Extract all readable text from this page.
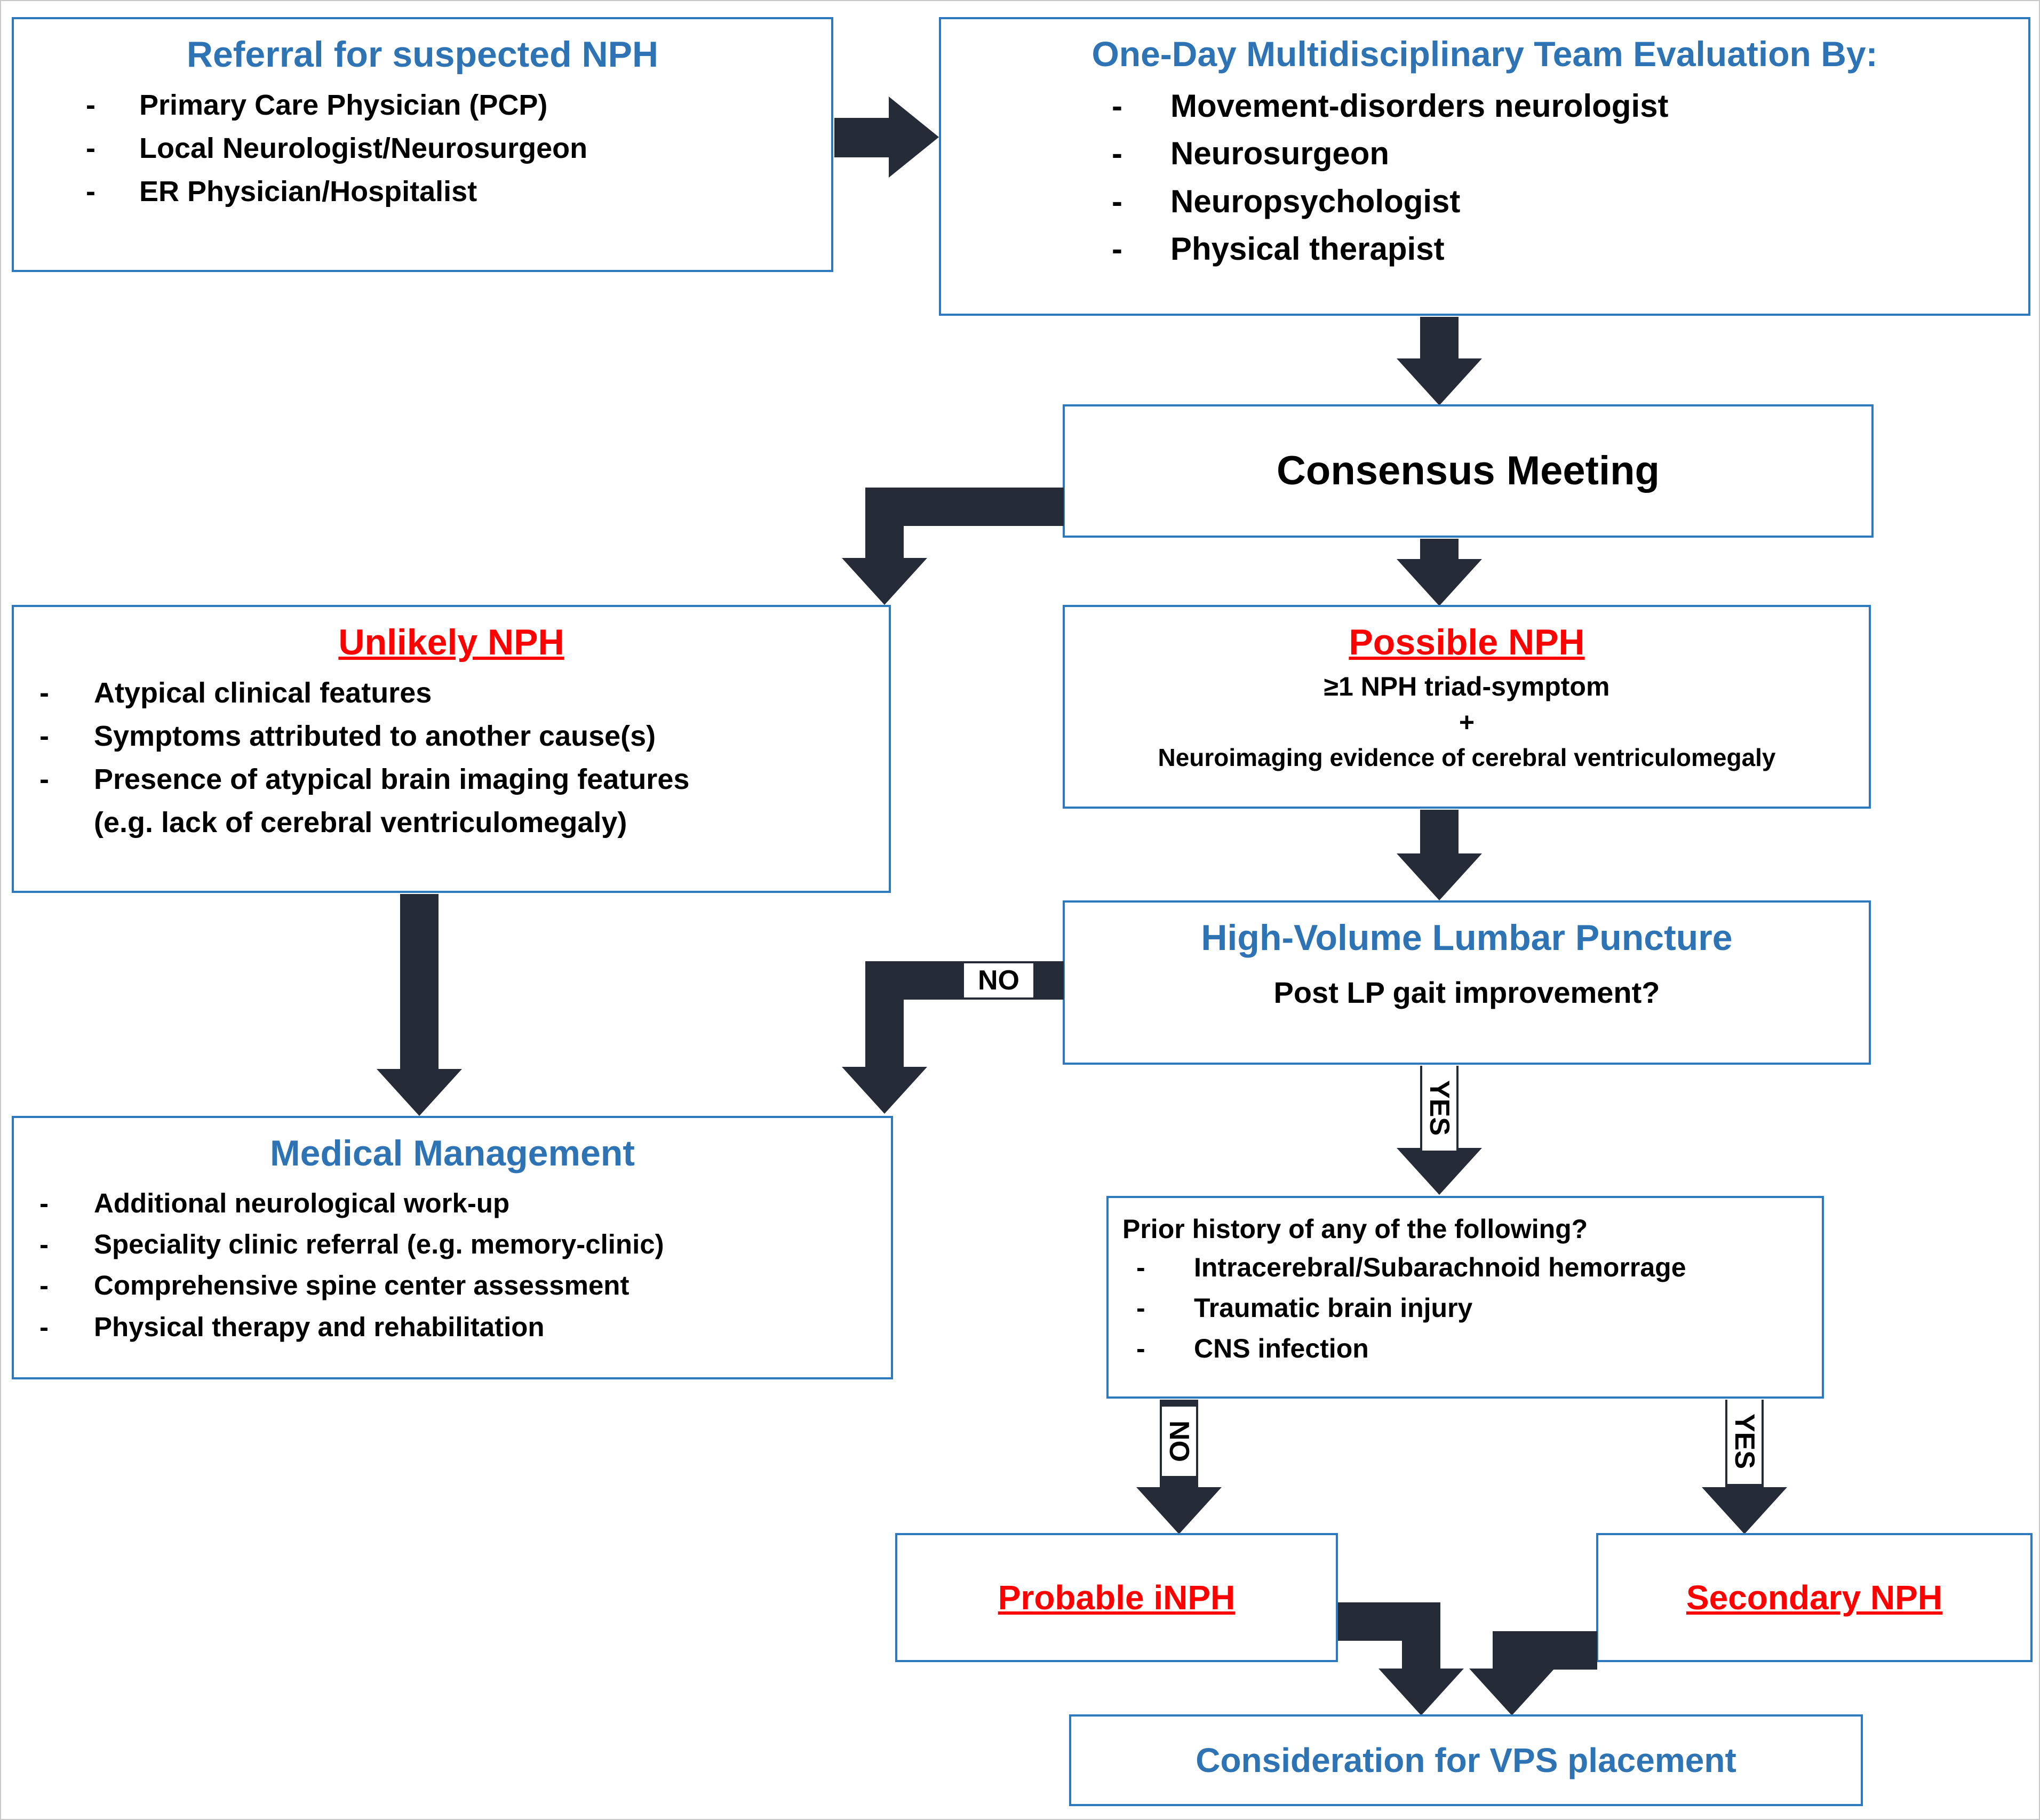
Referral for suspected NPH
- Primary Care Physician (PCP)
- Local Neurologist/Neurosurgeon
- ER Physician/Hospitalist
One-Day Multidisciplinary Team Evaluation By:
- Movement-disorders neurologist
- Neurosurgeon
- Neuropsychologist
- Physical therapist
Consensus Meeting
Unlikely NPH
- Atypical clinical features
- Symptoms attributed to another cause(s)
- Presence of atypical brain imaging features
(e.g. lack of cerebral ventriculomegaly)
Possible NPH
≥1 NPH triad-symptom
+
Neuroimaging evidence of cerebral ventriculomegaly
High-Volume Lumbar Puncture
Post LP gait improvement?
NO
YES
Medical Management
- Additional neurological work-up
- Speciality clinic referral (e.g. memory-clinic)
- Comprehensive spine center assessment
- Physical therapy and rehabilitation
Prior history of any of the following?
- Intracerebral/Subarachnoid hemorrage
- Traumatic brain injury
- CNS infection
NO	YES
Probable iNPH	Secondary NPH
Consideration for VPS placement
